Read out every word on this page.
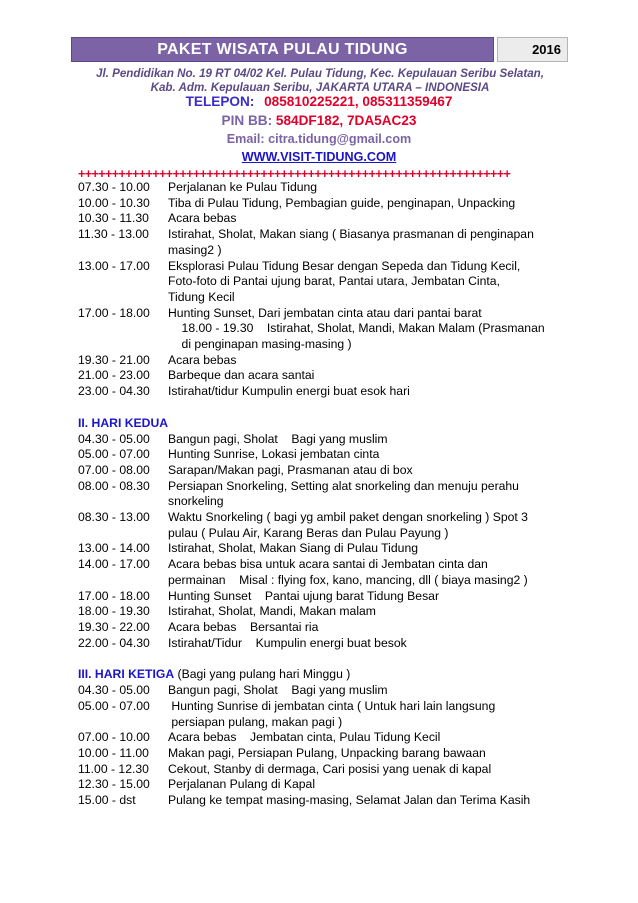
PAKET WISATA PULAU TIDUNG	2016
Jl. Pendidikan No. 19 RT 04/02 Kel. Pulau Tidung, Kec. Kepulauan Seribu Selatan,
Kab. Adm. Kepulauan Seribu, JAKARTA UTARA – INDONESIA
TELEPON: 085810225221, 085311359467
PIN BB: 584DF182, 7DA5AC23
Email: citra.tidung@gmail.com
WWW.VISIT-TIDUNG.COM
++++++++++++++++++++++++++++++++++++++++++++++++++++++++++++++++
07.30 - 10.00	Perjalanan ke Pulau Tidung
10.00 - 10.30	Tiba di Pulau Tidung, Pembagian guide, penginapan, Unpacking
10.30 - 11.30	Acara bebas
11.30 - 13.00	Istirahat, Sholat, Makan siang ( Biasanya prasmanan di penginapan
masing2 )
13.00 - 17.00	Eksplorasi Pulau Tidung Besar dengan Sepeda dan Tidung Kecil,
Foto-foto di Pantai ujung barat, Pantai utara, Jembatan Cinta,
Tidung Kecil
17.00 - 18.00	Hunting Sunset, Dari jembatan cinta atau dari pantai barat
18.00 - 19.30    Istirahat, Sholat, Mandi, Makan Malam (Prasmanan
di penginapan masing-masing )
19.30 - 21.00	Acara bebas
21.00 - 23.00	Barbeque dan acara santai
23.00 - 04.30	Istirahat/tidur Kumpulin energi buat esok hari
II. HARI KEDUA
04.30 - 05.00	Bangun pagi, Sholat    Bagi yang muslim
05.00 - 07.00	Hunting Sunrise, Lokasi jembatan cinta
07.00 - 08.00	Sarapan/Makan pagi, Prasmanan atau di box
08.00 - 08.30	Persiapan Snorkeling, Setting alat snorkeling dan menuju perahu
snorkeling
08.30 - 13.00	Waktu Snorkeling ( bagi yg ambil paket dengan snorkeling ) Spot 3
pulau ( Pulau Air, Karang Beras dan Pulau Payung )
13.00 - 14.00	Istirahat, Sholat, Makan Siang di Pulau Tidung
14.00 - 17.00	Acara bebas bisa untuk acara santai di Jembatan cinta dan
permainan    Misal : flying fox, kano, mancing, dll ( biaya masing2 )
17.00 - 18.00	Hunting Sunset    Pantai ujung barat Tidung Besar
18.00 - 19.30	Istirahat, Sholat, Mandi, Makan malam
19.30 - 22.00	Acara bebas    Bersantai ria
22.00 - 04.30	Istirahat/Tidur    Kumpulin energi buat besok
III. HARI KETIGA (Bagi yang pulang hari Minggu )
04.30 - 05.00	Bangun pagi, Sholat    Bagi yang muslim
05.00 - 07.00	Hunting Sunrise di jembatan cinta ( Untuk hari lain langsung
persiapan pulang, makan pagi )
07.00 - 10.00	Acara bebas    Jembatan cinta, Pulau Tidung Kecil
10.00 - 11.00	Makan pagi, Persiapan Pulang, Unpacking barang bawaan
11.00 - 12.30	Cekout, Stanby di dermaga, Cari posisi yang uenak di kapal
12.30 - 15.00	Perjalanan Pulang di Kapal
15.00 - dst	Pulang ke tempat masing-masing, Selamat Jalan dan Terima Kasih
